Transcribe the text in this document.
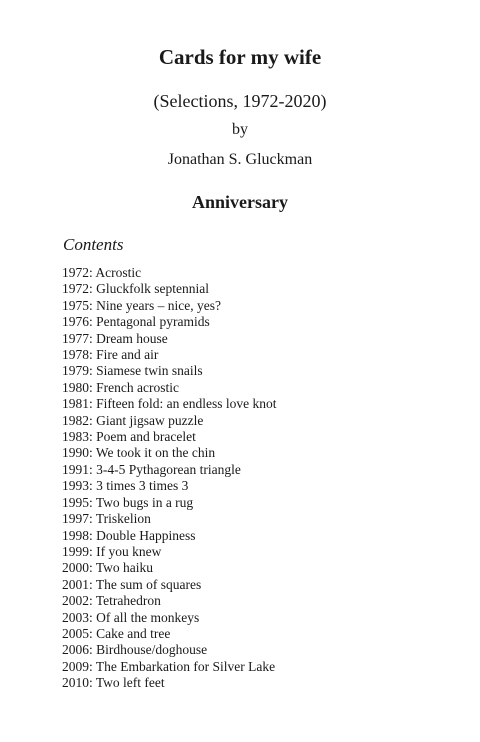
Cards for my wife
(Selections, 1972-2020)
by
Jonathan S. Gluckman
Anniversary
Contents
1972: Acrostic
1972: Gluckfolk septennial
1975: Nine years – nice, yes?
1976: Pentagonal pyramids
1977: Dream house
1978: Fire and air
1979: Siamese twin snails
1980: French acrostic
1981: Fifteen fold: an endless love knot
1982: Giant jigsaw puzzle
1983: Poem and bracelet
1990: We took it on the chin
1991: 3-4-5 Pythagorean triangle
1993: 3 times 3 times 3
1995: Two bugs in a rug
1997: Triskelion
1998: Double Happiness
1999: If you knew
2000: Two haiku
2001: The sum of squares
2002: Tetrahedron
2003: Of all the monkeys
2005: Cake and tree
2006: Birdhouse/doghouse
2009: The Embarkation for Silver Lake
2010: Two left feet
